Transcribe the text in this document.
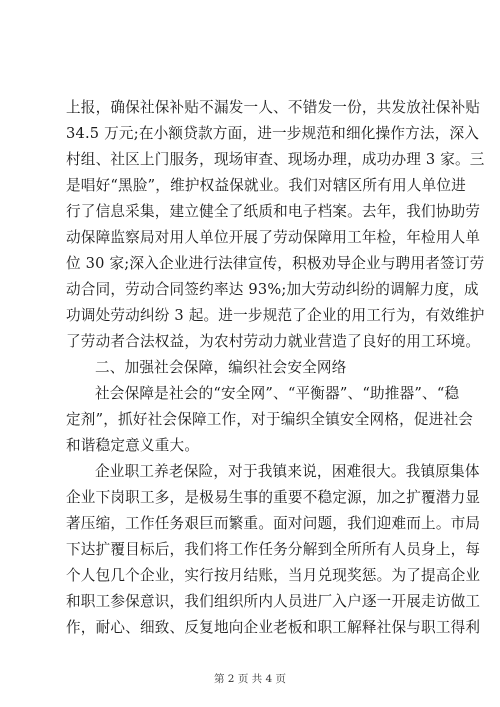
上报，确保社保补贴不漏发一人、不错发一份，共发放社保补贴
34.5 万元;在小额贷款方面，进一步规范和细化操作方法，深入
村组、社区上门服务，现场审查、现场办理，成功办理 3 家。三
是唱好“黑脸”，维护权益保就业。我们对辖区所有用人单位进
行了信息采集，建立健全了纸质和电子档案。去年，我们协助劳
动保障监察局对用人单位开展了劳动保障用工年检，年检用人单
位 30 家;深入企业进行法律宣传，积极劝导企业与聘用者签订劳
动合同，劳动合同签约率达 93%;加大劳动纠纷的调解力度，成
功调处劳动纠纷 3 起。进一步规范了企业的用工行为，有效维护
了劳动者合法权益，为农村劳动力就业营造了良好的用工环境。
二、加强社会保障，编织社会安全网络
社会保障是社会的“安全网”、“平衡器”、“助推器”、“稳
定剂”，抓好社会保障工作，对于编织全镇安全网格，促进社会
和谐稳定意义重大。
企业职工养老保险，对于我镇来说，困难很大。我镇原集体
企业下岗职工多，是极易生事的重要不稳定源，加之扩覆潜力显
著压缩，工作任务艰巨而繁重。面对问题，我们迎难而上。市局
下达扩覆目标后，我们将工作任务分解到全所所有人员身上，每
个人包几个企业，实行按月结账，当月兑现奖惩。为了提高企业
和职工参保意识，我们组织所内人员进厂入户逐一开展走访做工
作，耐心、细致、反复地向企业老板和职工解释社保与职工得利
第 2 页 共 4 页
